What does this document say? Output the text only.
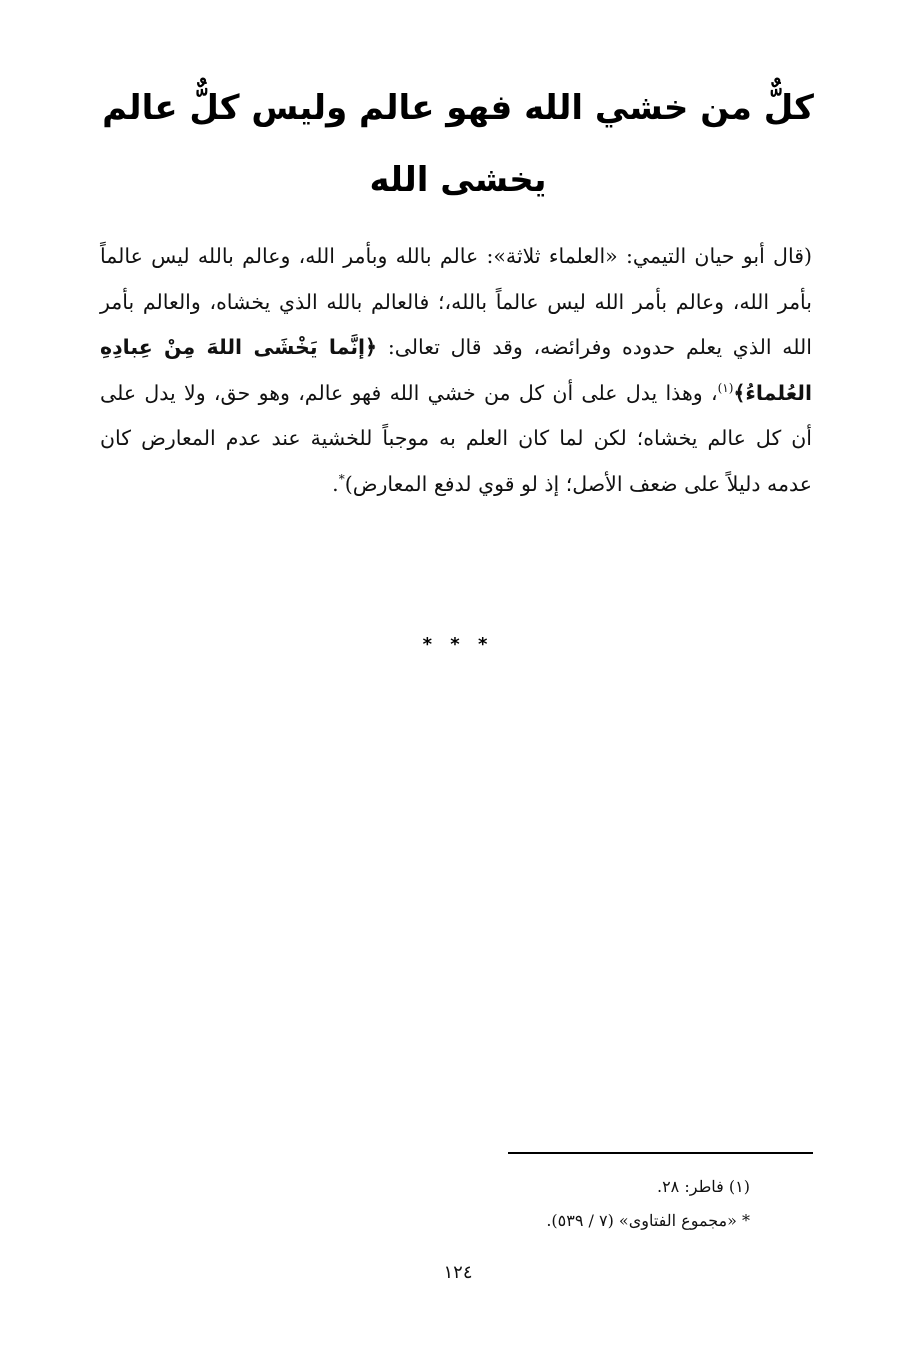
كلٌّ من خشي الله فهو عالم وليس كلٌّ عالم
يخشى الله
(قال أبو حيان التيمي: «العلماء ثلاثة»: عالم بالله وبأمر الله، وعالم بالله ليس عالماً بأمر الله، وعالم بأمر الله ليس عالماً بالله،؛ فالعالم بالله الذي يخشاه، والعالم بأمر الله الذي يعلم حدوده وفرائضه، وقد قال تعالى: ﴿إنَّما يَخْشَى اللهَ مِنْ عِبادِهِ العُلماءُ﴾$^{(١)}$، وهذا يدل على أن كل من خشي الله فهو عالم، وهو حق، ولا يدل على أن كل عالم يخشاه؛ لكن لما كان العلم به موجباً للخشية عند عدم المعارض كان عدمه دليلاً على ضعف الأصل؛ إذ لو قوي لدفع المعارض)*.
* * *
(١) فاطر: ٢٨.
* «مجموع الفتاوى» (٧ / ٥٣٩).
١٢٤
